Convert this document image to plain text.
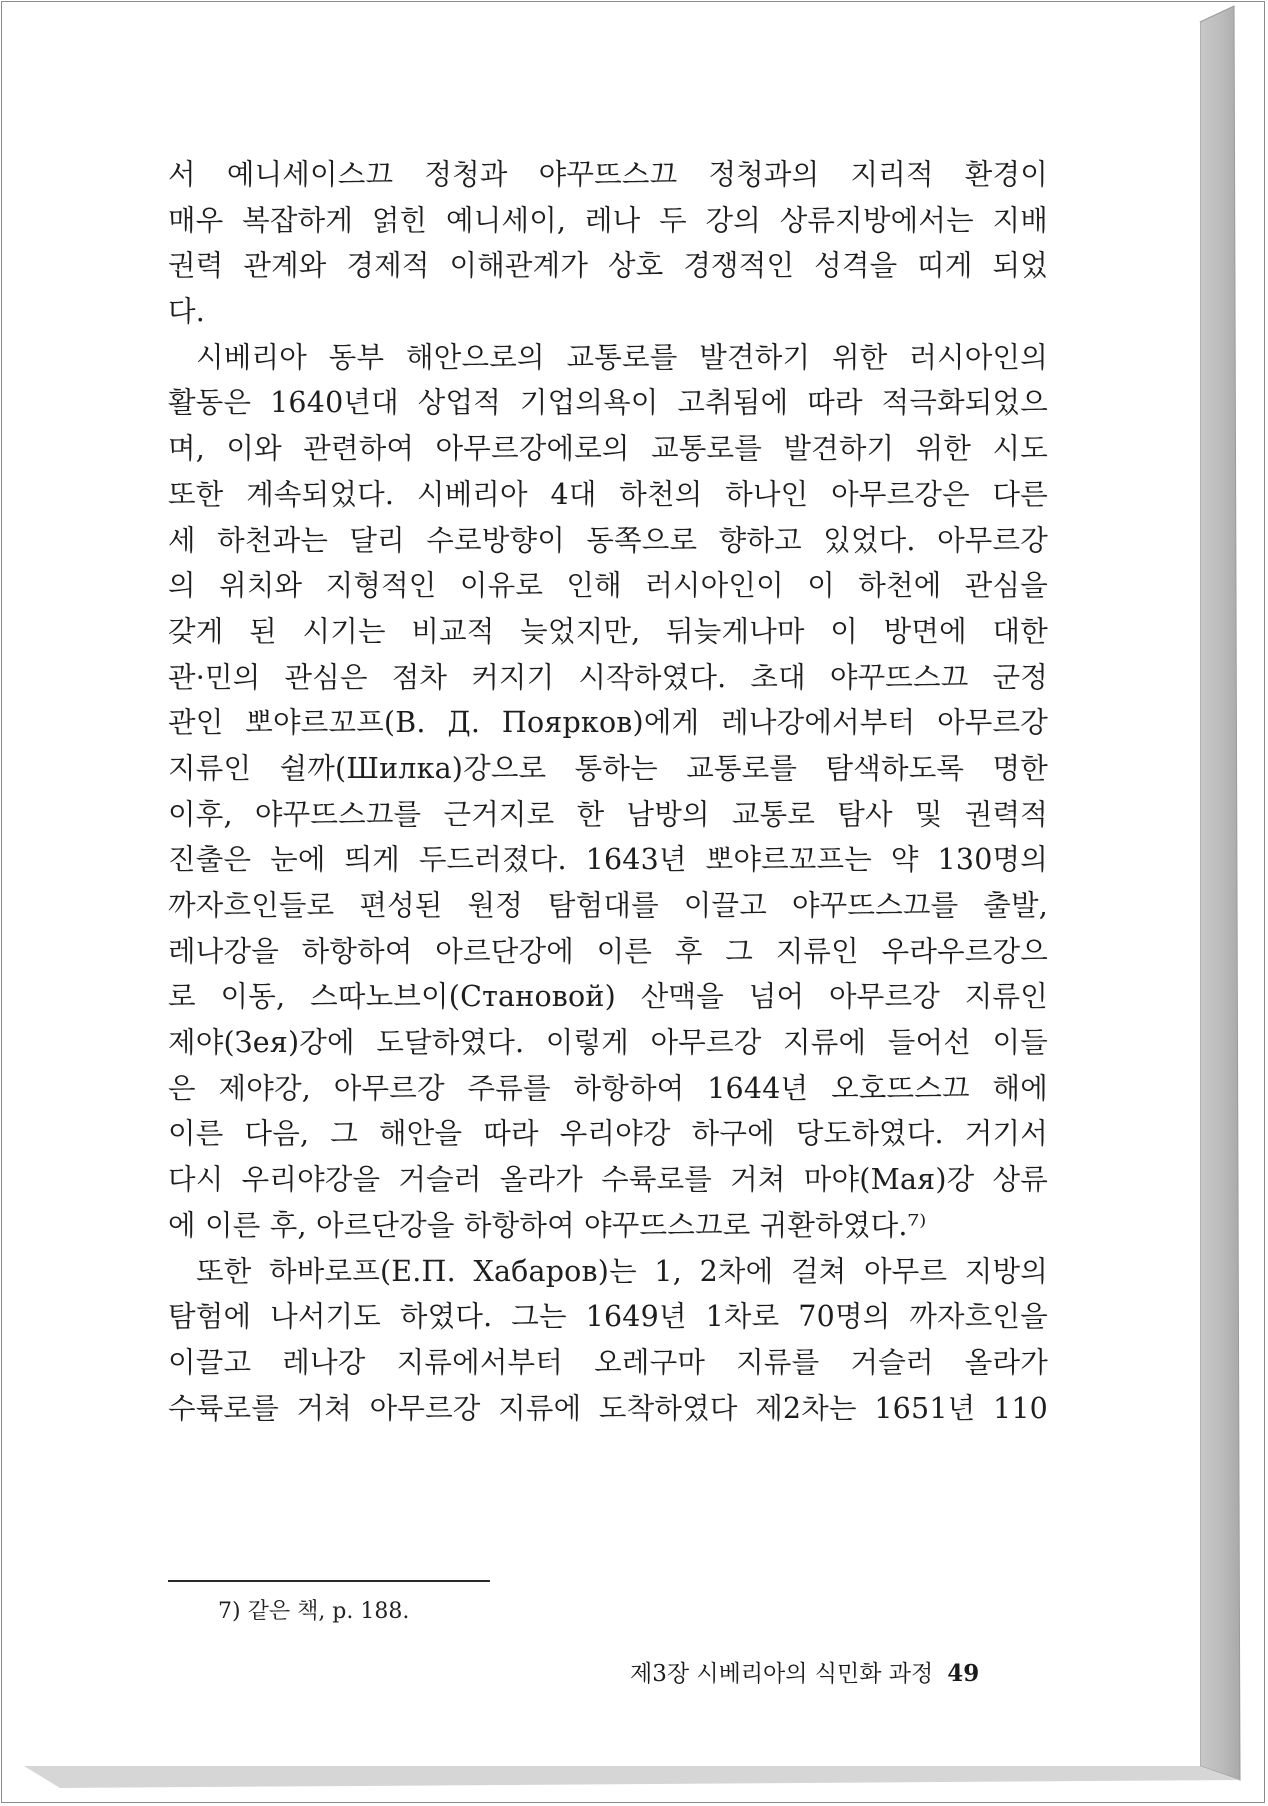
서 예니세이스끄 정청과 야꾸뜨스끄 정청과의 지리적 환경이
매우 복잡하게 얽힌 예니세이, 레나 두 강의 상류지방에서는 지배
권력 관계와 경제적 이해관계가 상호 경쟁적인 성격을 띠게 되었
다.
시베리아 동부 해안으로의 교통로를 발견하기 위한 러시아인의
활동은 1640년대 상업적 기업의욕이 고취됨에 따라 적극화되었으
며, 이와 관련하여 아무르강에로의 교통로를 발견하기 위한 시도
또한 계속되었다. 시베리아 4대 하천의 하나인 아무르강은 다른
세 하천과는 달리 수로방향이 동쪽으로 향하고 있었다. 아무르강
의 위치와 지형적인 이유로 인해 러시아인이 이 하천에 관심을
갖게 된 시기는 비교적 늦었지만, 뒤늦게나마 이 방면에 대한
관·민의 관심은 점차 커지기 시작하였다. 초대 야꾸뜨스끄 군정
관인 뽀야르꼬프(В. Д. Поярков)에게 레나강에서부터 아무르강
지류인 쉴까(Шилка)강으로 통하는 교통로를 탐색하도록 명한
이후, 야꾸뜨스끄를 근거지로 한 남방의 교통로 탐사 및 권력적
진출은 눈에 띄게 두드러졌다. 1643년 뽀야르꼬프는 약 130명의
까자흐인들로 편성된 원정 탐험대를 이끌고 야꾸뜨스끄를 출발,
레나강을 하항하여 아르단강에 이른 후 그 지류인 우라우르강으
로 이동, 스따노브이(Становой) 산맥을 넘어 아무르강 지류인
제야(Зея)강에 도달하였다. 이렇게 아무르강 지류에 들어선 이들
은 제야강, 아무르강 주류를 하항하여 1644년 오호뜨스끄 해에
이른 다음, 그 해안을 따라 우리야강 하구에 당도하였다. 거기서
다시 우리야강을 거슬러 올라가 수륙로를 거쳐 마야(Мая)강 상류
에 이른 후, 아르단강을 하항하여 야꾸뜨스끄로 귀환하였다.⁷⁾
또한 하바로프(Е.П. Хабаров)는 1, 2차에 걸쳐 아무르 지방의
탐험에 나서기도 하였다. 그는 1649년 1차로 70명의 까자흐인을
이끌고 레나강 지류에서부터 오레구마 지류를 거슬러 올라가
수륙로를 거쳐 아무르강 지류에 도착하였다 제2차는 1651년 110
7) 같은 책, p. 188.
제3장 시베리아의 식민화 과정 49
